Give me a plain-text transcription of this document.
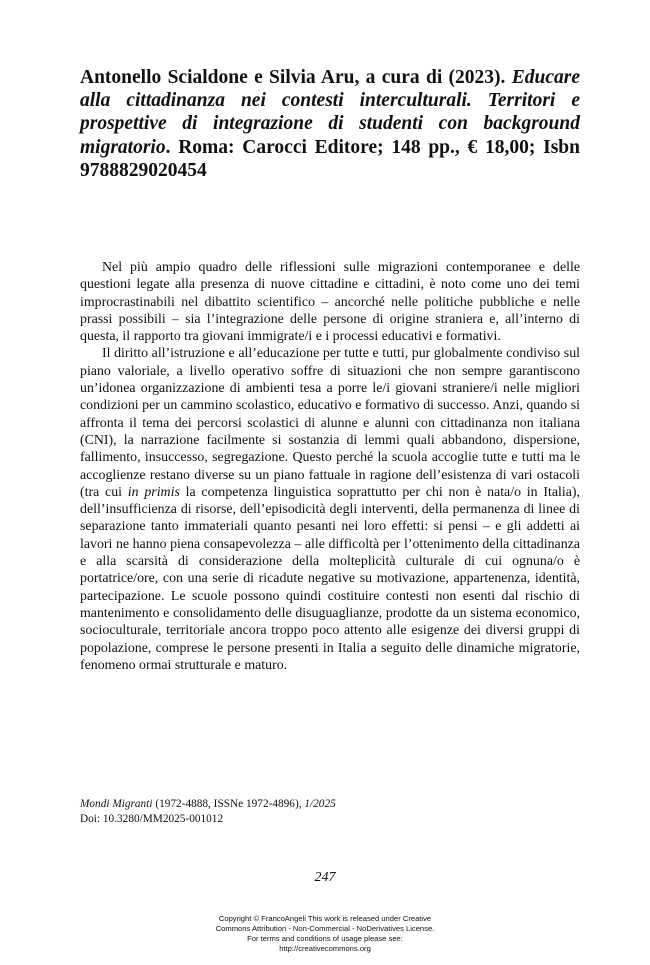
Antonello Scialdone e Silvia Aru, a cura di (2023). Educare alla cittadinanza nei contesti interculturali. Territori e prospettive di integrazione di studenti con background migratorio. Roma: Carocci Editore; 148 pp., € 18,00; Isbn 9788829020454

Nel più ampio quadro delle riflessioni sulle migrazioni contemporanee e delle questioni legate alla presenza di nuove cittadine e cittadini, è noto come uno dei temi improcrastinabili nel dibattito scientifico – ancorché nelle politiche pubbliche e nelle prassi possibili – sia l’integrazione delle persone di origine straniera e, all’interno di questa, il rapporto tra giovani immigrate/i e i processi educativi e formativi.

Il diritto all’istruzione e all’educazione per tutte e tutti, pur globalmente condiviso sul piano valoriale, a livello operativo soffre di situazioni che non sempre garantiscono un’idonea organizzazione di ambienti tesa a porre le/i giovani straniere/i nelle migliori condizioni per un cammino scolastico, educativo e formativo di successo. Anzi, quando si affronta il tema dei percorsi scolastici di alunne e alunni con cittadinanza non italiana (CNI), la narrazione facilmente si sostanzia di lemmi quali abbandono, dispersione, fallimento, insuccesso, segregazione. Questo perché la scuola accoglie tutte e tutti ma le accoglienze restano diverse su un piano fattuale in ragione dell’esistenza di vari ostacoli (tra cui in primis la competenza linguistica soprattutto per chi non è nata/o in Italia), dell’insufficienza di risorse, dell’episodicità degli interventi, della permanenza di linee di separazione tanto immateriali quanto pesanti nei loro effetti: si pensi – e gli addetti ai lavori ne hanno piena consapevolezza – alle difficoltà per l’ottenimento della cittadinanza e alla scarsità di considerazione della molteplicità culturale di cui ognuna/o è portatrice/ore, con una serie di ricadute negative su motivazione, appartenenza, identità, partecipazione. Le scuole possono quindi costituire contesti non esenti dal rischio di mantenimento e consolidamento delle disuguaglianze, prodotte da un sistema economico, socioculturale, territoriale ancora troppo poco attento alle esigenze dei diversi gruppi di popolazione, comprese le persone presenti in Italia a seguito delle dinamiche migratorie, fenomeno ormai strutturale e maturo.

Mondi Migranti (1972-4888, ISSNe 1972-4896), 1/2025
Doi: 10.3280/MM2025-001012
247
Copyright © FrancoAngeli This work is released under Creative
Commons Attribution - Non-Commercial - NoDerivatives License.
For terms and conditions of usage please see:
http://creativecommons.org
